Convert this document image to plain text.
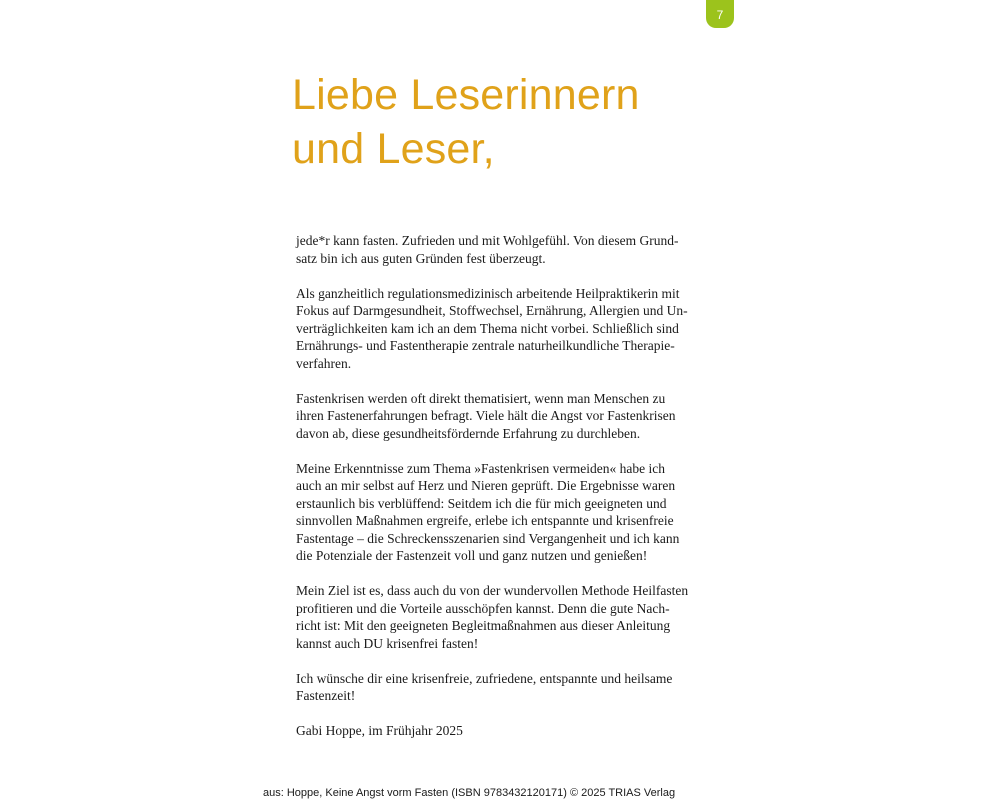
7
Liebe Leserinnern
und Leser,

jede*r kann fasten. Zufrieden und mit Wohlgefühl. Von diesem Grund-
satz bin ich aus guten Gründen fest überzeugt.

Als ganzheitlich regulationsmedizinisch arbeitende Heilpraktikerin mit
Fokus auf Darmgesundheit, Stoffwechsel, Ernährung, Allergien und Un-
verträglichkeiten kam ich an dem Thema nicht vorbei. Schließlich sind
Ernährungs- und Fastentherapie zentrale naturheilkundliche Therapie-
verfahren.

Fastenkrisen werden oft direkt thematisiert, wenn man Menschen zu
ihren Fastenerfahrungen befragt. Viele hält die Angst vor Fastenkrisen
davon ab, diese gesundheitsfördernde Erfahrung zu durchleben.

Meine Erkenntnisse zum Thema »Fastenkrisen vermeiden« habe ich
auch an mir selbst auf Herz und Nieren geprüft. Die Ergebnisse waren
erstaunlich bis verblüffend: Seitdem ich die für mich geeigneten und
sinnvollen Maßnahmen ergreife, erlebe ich entspannte und krisenfreie
Fastentage – die Schreckensszenarien sind Vergangenheit und ich kann
die Potenziale der Fastenzeit voll und ganz nutzen und genießen!

Mein Ziel ist es, dass auch du von der wundervollen Methode Heilfasten
profitieren und die Vorteile ausschöpfen kannst. Denn die gute Nach-
richt ist: Mit den geeigneten Begleitmaßnahmen aus dieser Anleitung
kannst auch DU krisenfrei fasten!

Ich wünsche dir eine krisenfreie, zufriedene, entspannte und heilsame
Fastenzeit!

Gabi Hoppe, im Frühjahr 2025

aus: Hoppe, Keine Angst vorm Fasten (ISBN 9783432120171) © 2025 TRIAS Verlag
